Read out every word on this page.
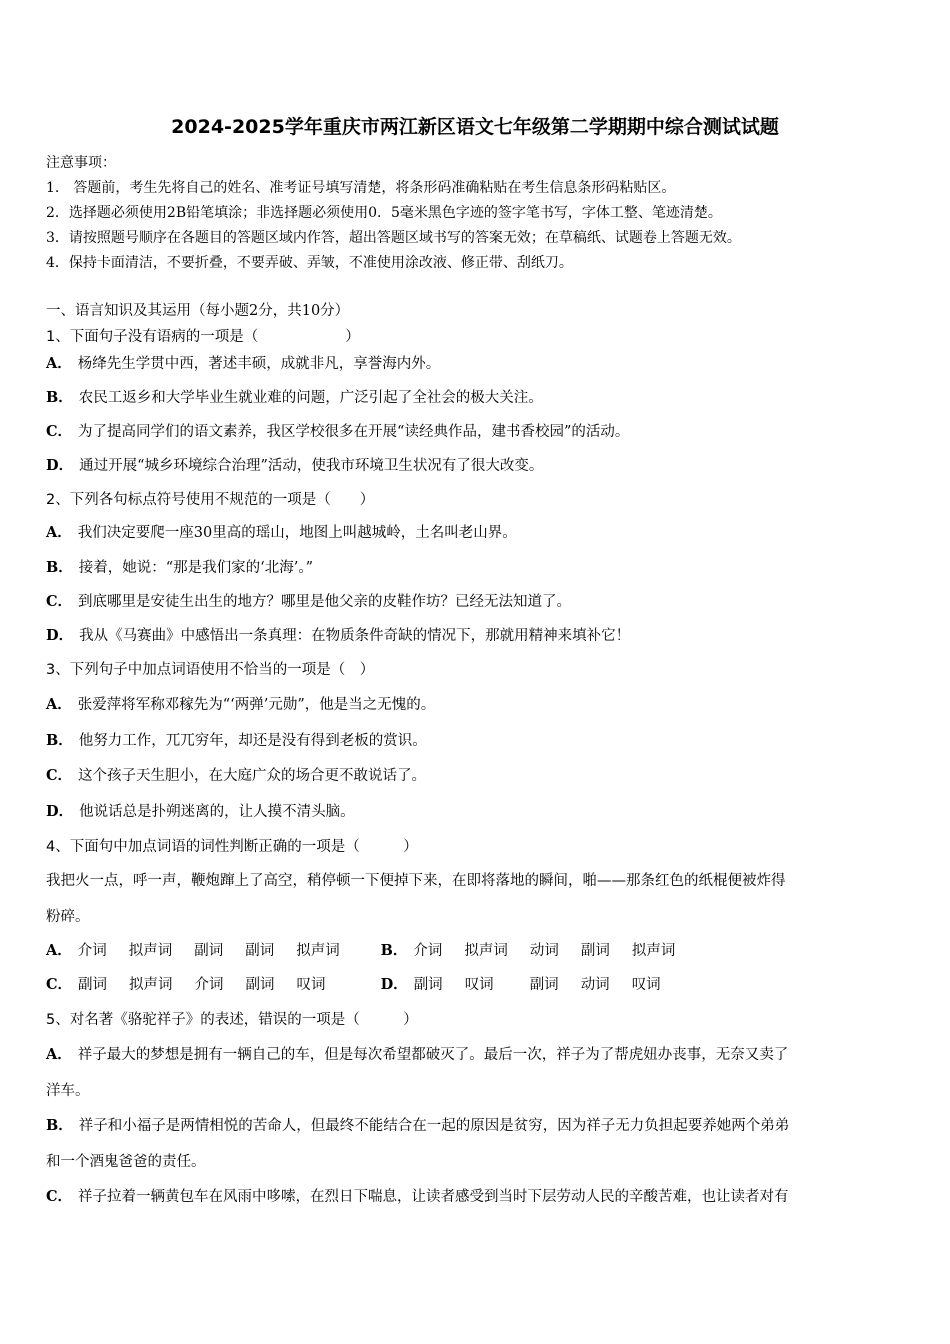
2024-2025学年重庆市两江新区语文七年级第二学期期中综合测试试题
注意事项：
1.　答题前，考生先将自己的姓名、准考证号填写清楚，将条形码准确粘贴在考生信息条形码粘贴区。
2．选择题必须使用2B铅笔填涂；非选择题必须使用0．5毫米黑色字迹的签字笔书写，字体工整、笔迹清楚。
3．请按照题号顺序在各题目的答题区域内作答，超出答题区域书写的答案无效；在草稿纸、试题卷上答题无效。
4．保持卡面清洁，不要折叠，不要弄破、弄皱，不准使用涂改液、修正带、刮纸刀。
一、语言知识及其运用（每小题2分，共10分）
1、下面句子没有语病的一项是（　　　　　　）
A． 杨绛先生学贯中西，著述丰硕，成就非凡，享誉海内外。
B． 农民工返乡和大学毕业生就业难的问题，广泛引起了全社会的极大关注。
C． 为了提高同学们的语文素养，我区学校很多在开展“读经典作品，建书香校园”的活动。
D． 通过开展“城乡环境综合治理”活动，使我市环境卫生状况有了很大改变。
2、下列各句标点符号使用不规范的一项是（　　）
A． 我们决定要爬一座30里高的瑶山，地图上叫越城岭，土名叫老山界。
B． 接着，她说：“那是我们家的‘北海’。”
C． 到底哪里是安徒生出生的地方？哪里是他父亲的皮鞋作坊？已经无法知道了。
D． 我从《马赛曲》中感悟出一条真理：在物质条件奇缺的情况下，那就用精神来填补它！
3、下列句子中加点词语使用不恰当的一项是（　）
A． 张爱萍将军称邓稼先为“‘两弹’元勋”，他是当之无愧的。
B． 他努力工作，兀兀穷年，却还是没有得到老板的赏识。
C． 这个孩子天生胆小，在大庭广众的场合更不敢说话了。
D． 他说话总是扑朔迷离的，让人摸不清头脑。
4、下面句中加点词语的词性判断正确的一项是（　　　）
我把火一点，呼一声，鞭炮蹿上了高空，稍停顿一下便掉下来，在即将落地的瞬间，啪——那条红色的纸棍便被炸得
粉碎。
A． 介词 拟声词 副词 副词 拟声词	B． 介词 拟声词 动词 副词 拟声词
C． 副词 拟声词 介词 副词 叹词	D． 副词 叹词 副词 动词 叹词
5、对名著《骆驼祥子》的表述，错误的一项是（　　　）
A． 祥子最大的梦想是拥有一辆自己的车，但是每次希望都破灭了。最后一次，祥子为了帮虎妞办丧事，无奈又卖了
洋车。
B． 祥子和小福子是两情相悦的苦命人，但最终不能结合在一起的原因是贫穷，因为祥子无力负担起要养她两个弟弟
和一个酒鬼爸爸的责任。
C． 祥子拉着一辆黄包车在风雨中哆嗦，在烈日下喘息，让读者感受到当时下层劳动人民的辛酸苦难，也让读者对有
